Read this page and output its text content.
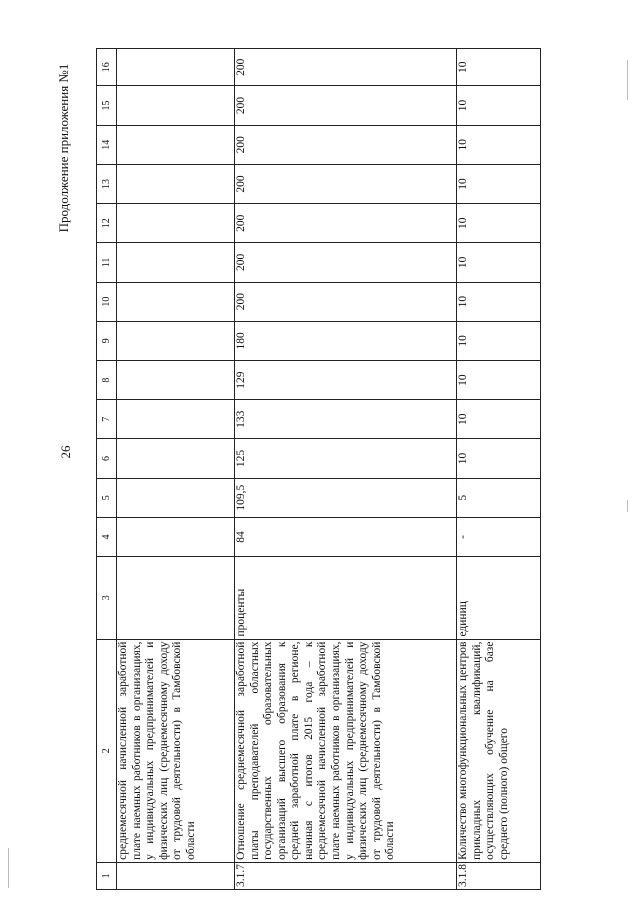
26
Продолжение приложения №1
1	2	3	4	5	6	7	8	9	10	11	12	13	14	15	16
	среднемесячной начисленной заработной плате наемных работников в организациях, у индивидуальных предпринимателей и физических лиц (среднемесячному доходу от трудовой деятельности) в Тамбовской области														
3.1.7.	Отношение среднемесячной заработной платы преподавателей областных государственных образовательных организаций высшего образования к средней заработной плате в регионе, начиная с итогов 2015 года – к среднемесячной начисленной заработной плате наемных работников в организациях, у индивидуальных предпринимателей и физических лиц (среднемесячному доходу от трудовой деятельности) в Тамбовской области	проценты	84	109,5	125	133	129	180	200	200	200	200	200	200	200
3.1.8.	Количество многофункциональных центров прикладных квалификаций, осуществляющих обучение на базе среднего (полного) общего	единиц	-	5	10	10	10	10	10	10	10	10	10	10	10
